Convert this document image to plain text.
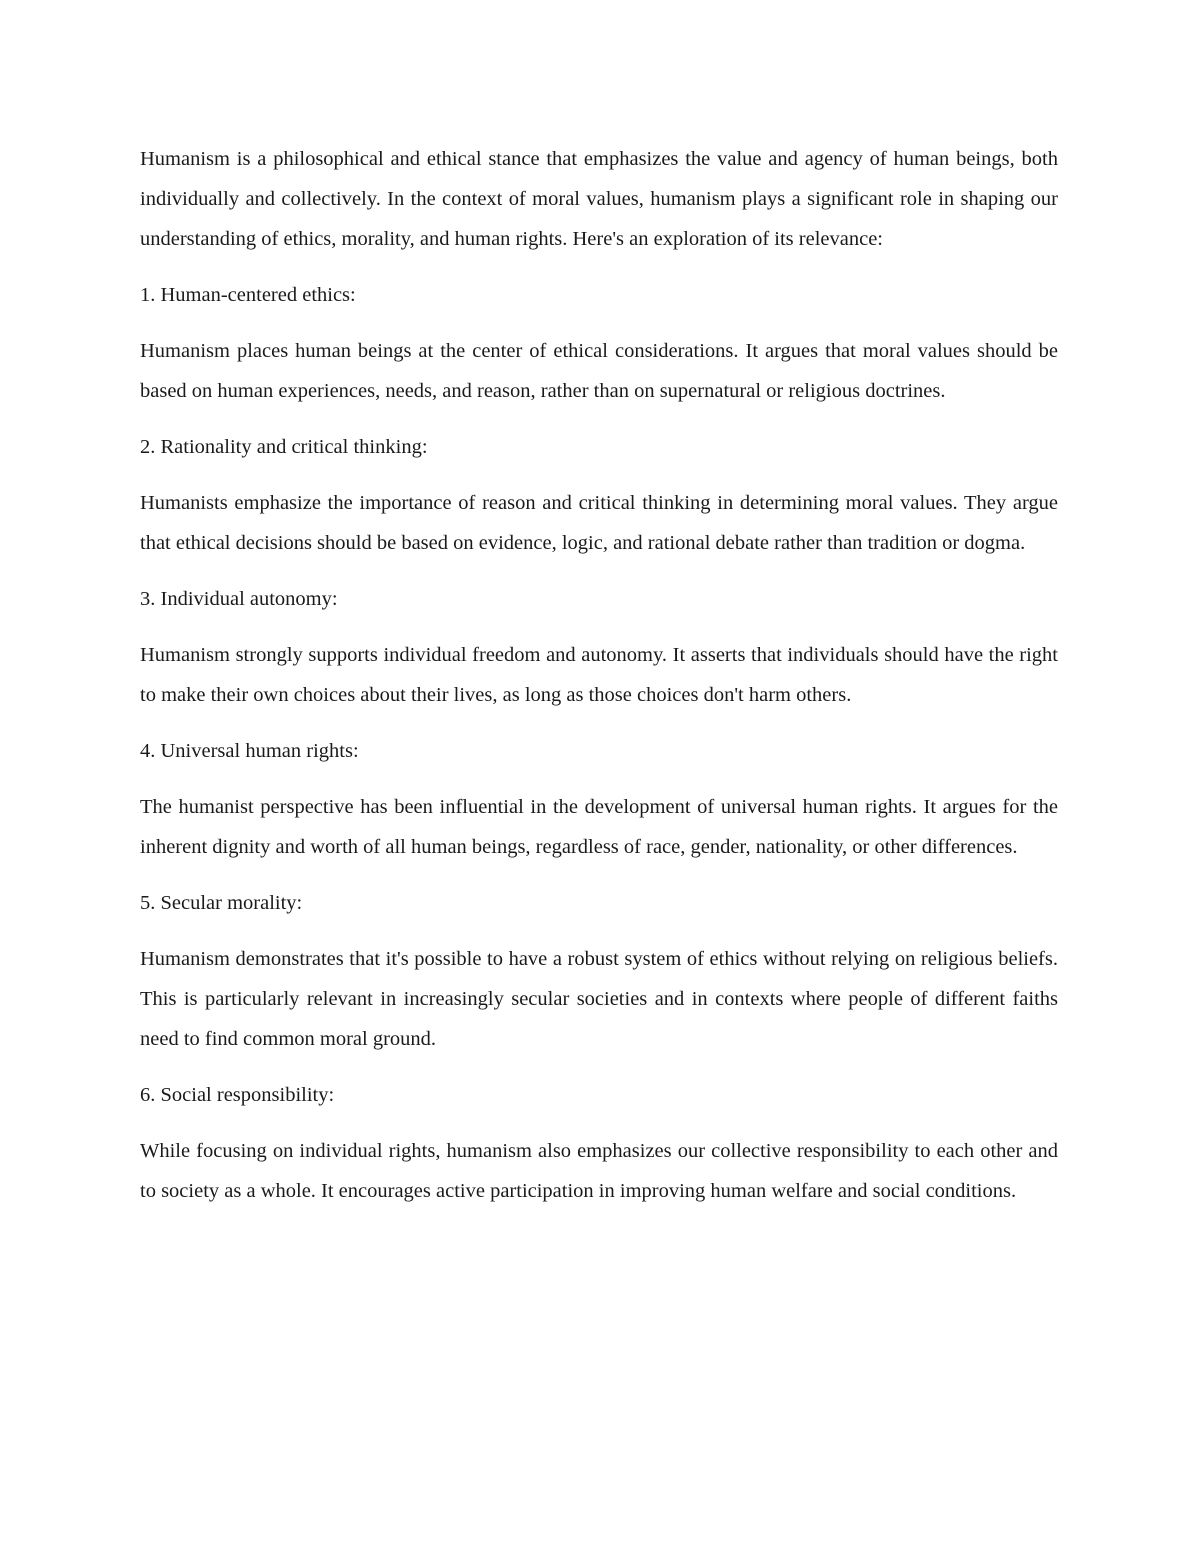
Humanism is a philosophical and ethical stance that emphasizes the value and agency of human beings, both individually and collectively. In the context of moral values, humanism plays a significant role in shaping our understanding of ethics, morality, and human rights. Here's an exploration of its relevance:

1. Human-centered ethics:

Humanism places human beings at the center of ethical considerations. It argues that moral values should be based on human experiences, needs, and reason, rather than on supernatural or religious doctrines.

2. Rationality and critical thinking:

Humanists emphasize the importance of reason and critical thinking in determining moral values. They argue that ethical decisions should be based on evidence, logic, and rational debate rather than tradition or dogma.

3. Individual autonomy:

Humanism strongly supports individual freedom and autonomy. It asserts that individuals should have the right to make their own choices about their lives, as long as those choices don't harm others.

4. Universal human rights:

The humanist perspective has been influential in the development of universal human rights. It argues for the inherent dignity and worth of all human beings, regardless of race, gender, nationality, or other differences.

5. Secular morality:

Humanism demonstrates that it's possible to have a robust system of ethics without relying on religious beliefs. This is particularly relevant in increasingly secular societies and in contexts where people of different faiths need to find common moral ground.

6. Social responsibility:

While focusing on individual rights, humanism also emphasizes our collective responsibility to each other and to society as a whole. It encourages active participation in improving human welfare and social conditions.
